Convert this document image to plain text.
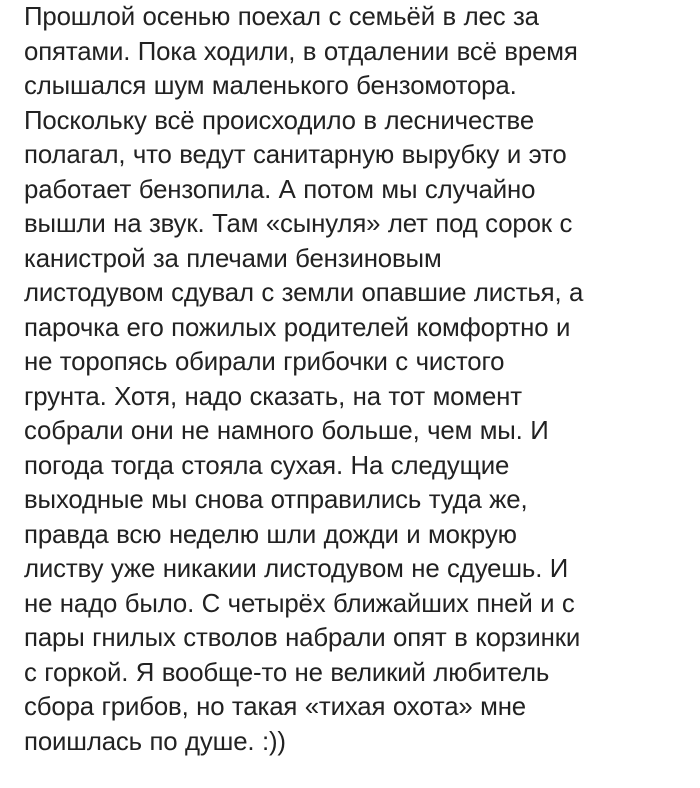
Прошлой осенью поехал с семьёй в лес за
опятами. Пока ходили, в отдалении всё время
слышался шум маленького бензомотора.
Поскольку всё происходило в лесничестве
полагал, что ведут санитарную вырубку и это
работает бензопила. А потом мы случайно
вышли на звук. Там «сынуля» лет под сорок с
канистрой за плечами бензиновым
листодувом сдувал с земли опавшие листья, а
парочка его пожилых родителей комфортно и
не торопясь обирали грибочки с чистого
грунта. Хотя, надо сказать, на тот момент
собрали они не намного больше, чем мы. И
погода тогда стояла сухая. На следущие
выходные мы снова отправились туда же,
правда всю неделю шли дожди и мокрую
листву уже никакии листодувом не сдуешь. И
не надо было. С четырёх ближайших пней и с
пары гнилых стволов набрали опят в корзинки
с горкой. Я вообще-то не великий любитель
сбора грибов, но такая «тихая охота» мне
поишлась по душе. :))
